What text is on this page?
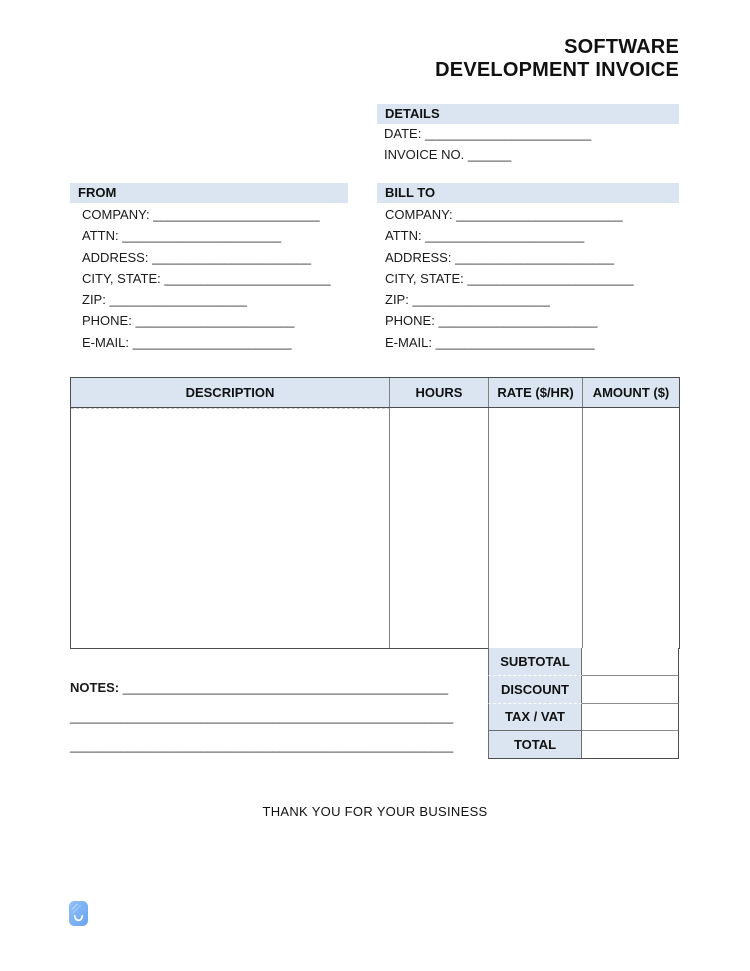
SOFTWARE
DEVELOPMENT INVOICE
DETAILS
DATE: _______________________
INVOICE NO. ______
FROM
COMPANY: _______________________
ATTN: ______________________
ADDRESS: ______________________
CITY, STATE: _______________________
ZIP: ___________________
PHONE: ______________________
E-MAIL: ______________________
BILL TO
COMPANY: _______________________
ATTN: ______________________
ADDRESS: ______________________
CITY, STATE: _______________________
ZIP: ___________________
PHONE: ______________________
E-MAIL: ______________________
DESCRIPTION	HOURS	RATE ($/HR)	AMOUNT ($)
SUBTOTAL
DISCOUNT
TAX / VAT
TOTAL
NOTES: _____________________________________________
_____________________________________________________
_____________________________________________________
THANK YOU FOR YOUR BUSINESS
